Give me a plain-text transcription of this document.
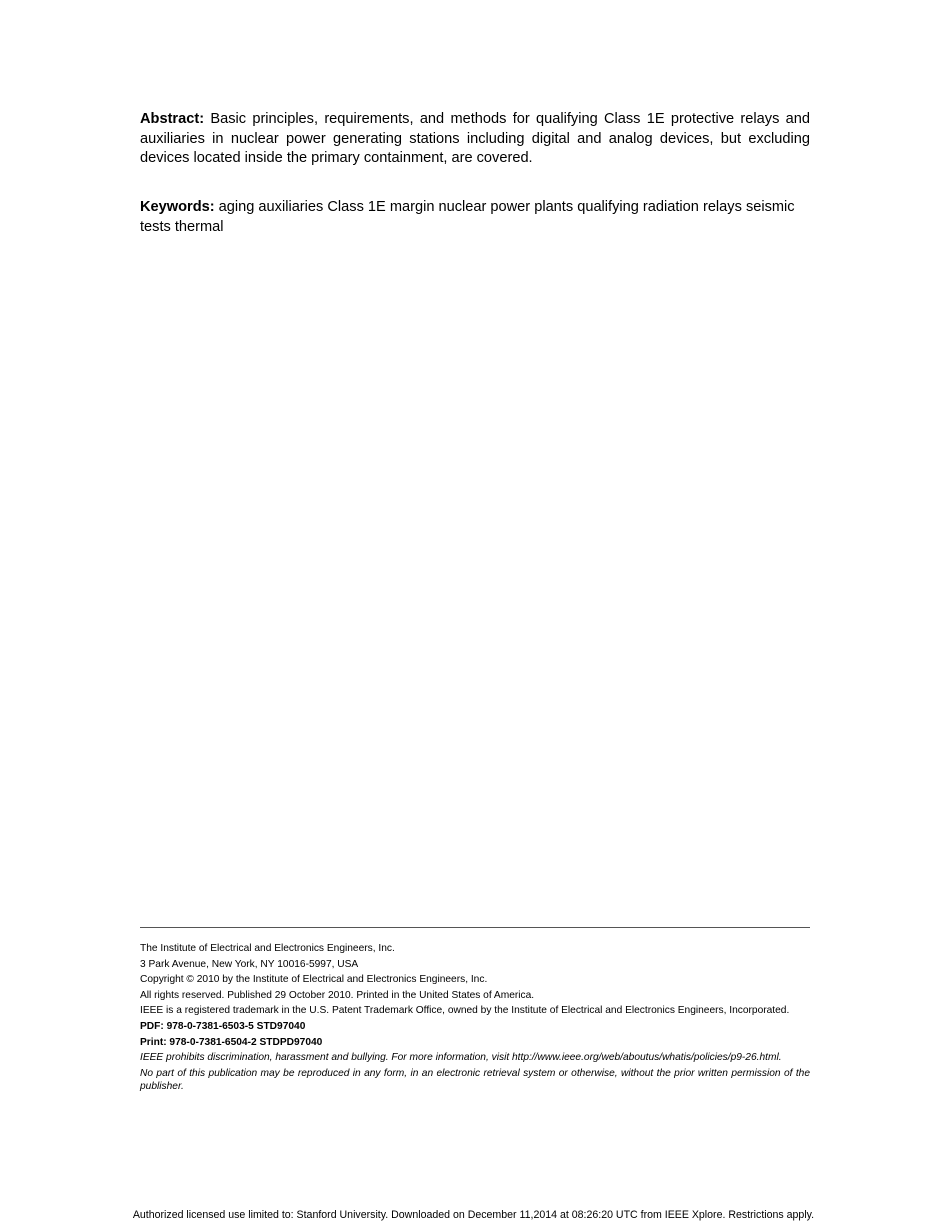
Abstract: Basic principles, requirements, and methods for qualifying Class 1E protective relays and auxiliaries in nuclear power generating stations including digital and analog devices, but excluding devices located inside the primary containment, are covered.

Keywords: aging auxiliaries Class 1E margin nuclear power plants qualifying radiation relays seismic tests thermal

The Institute of Electrical and Electronics Engineers, Inc.

3 Park Avenue, New York, NY 10016-5997, USA

Copyright © 2010 by the Institute of Electrical and Electronics Engineers, Inc.

All rights reserved. Published 29 October 2010. Printed in the United States of America.

IEEE is a registered trademark in the U.S. Patent Trademark Office, owned by the Institute of Electrical and Electronics Engineers, Incorporated.

PDF: 978-0-7381-6503-5 STD97040

Print: 978-0-7381-6504-2 STDPD97040

IEEE prohibits discrimination, harassment and bullying. For more information, visit http://www.ieee.org/web/aboutus/whatis/policies/p9-26.html.

No part of this publication may be reproduced in any form, in an electronic retrieval system or otherwise, without the prior written permission of the publisher.

Authorized licensed use limited to: Stanford University. Downloaded on December 11,2014 at 08:26:20 UTC from IEEE Xplore. Restrictions apply.
